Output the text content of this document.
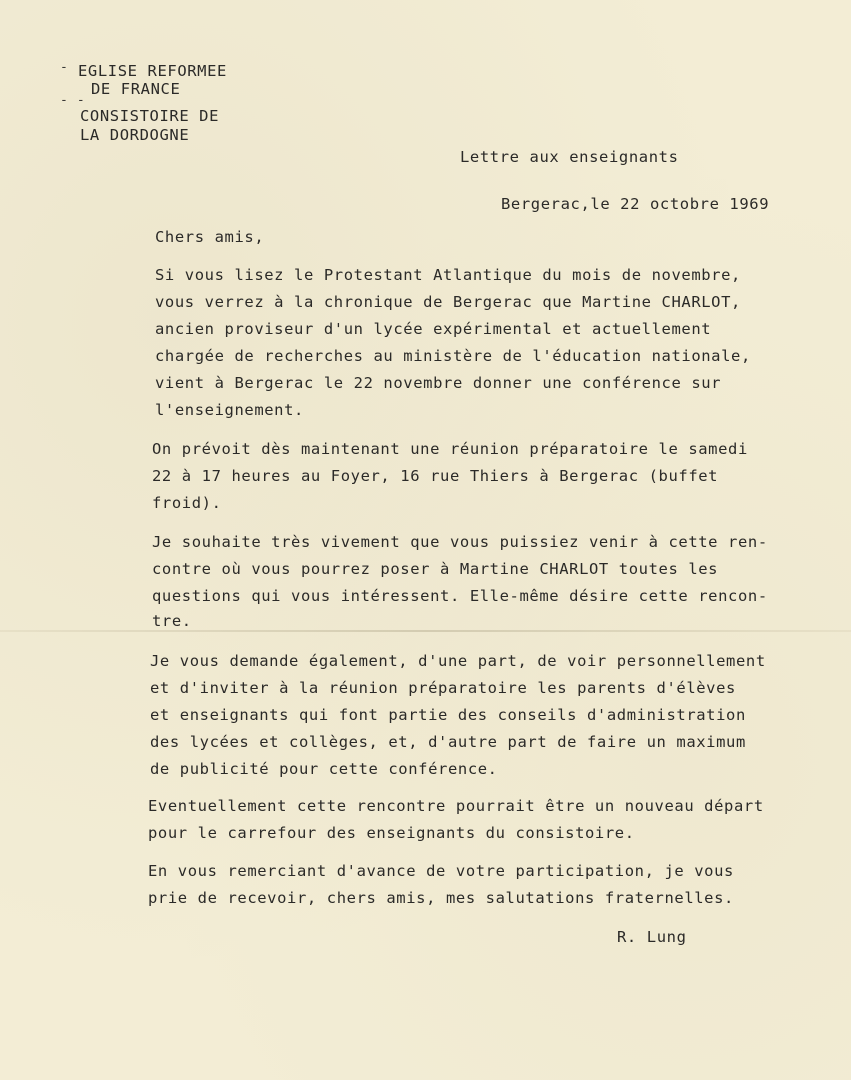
-
- -
EGLISE REFORMEE
DE FRANCE
CONSISTOIRE DE
LA DORDOGNE
Lettre aux enseignants
Bergerac,le 22 octobre 1969
Chers amis,
Si vous lisez le Protestant Atlantique du mois de novembre,
vous verrez à la chronique de Bergerac que Martine CHARLOT,
ancien proviseur d'un lycée expérimental et actuellement
chargée de recherches au ministère de l'éducation nationale,
vient à Bergerac le 22 novembre donner une conférence sur
l'enseignement.
On prévoit dès maintenant une réunion préparatoire le samedi
22 à 17 heures au Foyer, 16 rue Thiers à Bergerac (buffet
froid).
Je souhaite très vivement que vous puissiez venir à cette ren-
contre où vous pourrez poser à Martine CHARLOT toutes les
questions qui vous intéressent. Elle-même désire cette rencon-
tre.
Je vous demande également, d'une part, de voir personnellement
et d'inviter à la réunion préparatoire les parents d'élèves
et enseignants qui font partie des conseils d'administration
des lycées et collèges, et, d'autre part de faire un maximum
de publicité pour cette conférence.
Eventuellement cette rencontre pourrait être un nouveau départ
pour le carrefour des enseignants du consistoire.
En vous remerciant d'avance de votre participation, je vous
prie de recevoir, chers amis, mes salutations fraternelles.
R. Lung
